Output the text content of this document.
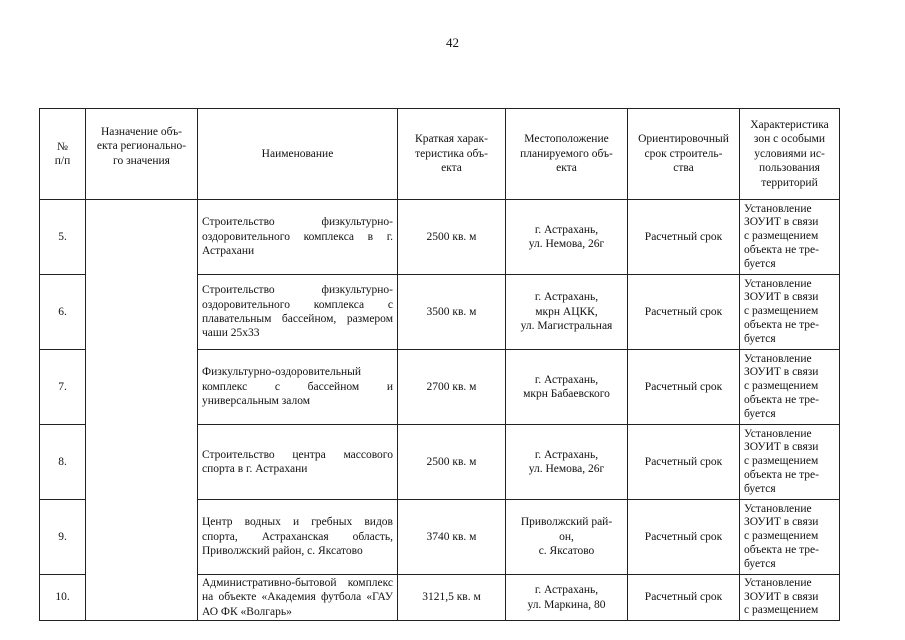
42
№
п/п	Назначение объ-
екта регионально-
го значения	Наименование	Краткая харак-
теристика объ-
екта	Местоположение
планируемого объ-
екта	Ориентировочный
срок строитель-
ства	Характеристика
зон с особыми
условиями ис-
пользования
территорий
5.		Строительство физкультурно-оздоровительного комплекса в г. Астрахани	2500 кв. м	г. Астрахань,
ул. Немова, 26г	Расчетный срок	Установление
ЗОУИТ в связи
с размещением
объекта не тре-
буется
6.		Строительство физкультурно-оздоровительного комплекса с плавательным бассейном, размером чаши 25х33	3500 кв. м	г. Астрахань,
мкрн АЦКК,
ул. Магистральная	Расчетный срок	Установление
ЗОУИТ в связи
с размещением
объекта не тре-
буется
7.		Физкультурно-оздоровительный комплекс с бассейном и универсальным залом	2700 кв. м	г. Астрахань,
мкрн Бабаевского	Расчетный срок	Установление
ЗОУИТ в связи
с размещением
объекта не тре-
буется
8.		Строительство центра массового спорта в г. Астрахани	2500 кв. м	г. Астрахань,
ул. Немова, 26г	Расчетный срок	Установление
ЗОУИТ в связи
с размещением
объекта не тре-
буется
9.		Центр водных и гребных видов спорта, Астраханская область, Приволжский район, с. Яксатово	3740 кв. м	Приволжский рай-
он,
с. Яксатово	Расчетный срок	Установление
ЗОУИТ в связи
с размещением
объекта не тре-
буется
10.		Административно-бытовой комплекс на объекте «Академия футбола «ГАУ АО ФК «Волгарь»	3121,5 кв. м	г. Астрахань,
ул. Маркина, 80	Расчетный срок	Установление
ЗОУИТ в связи
с размещением
